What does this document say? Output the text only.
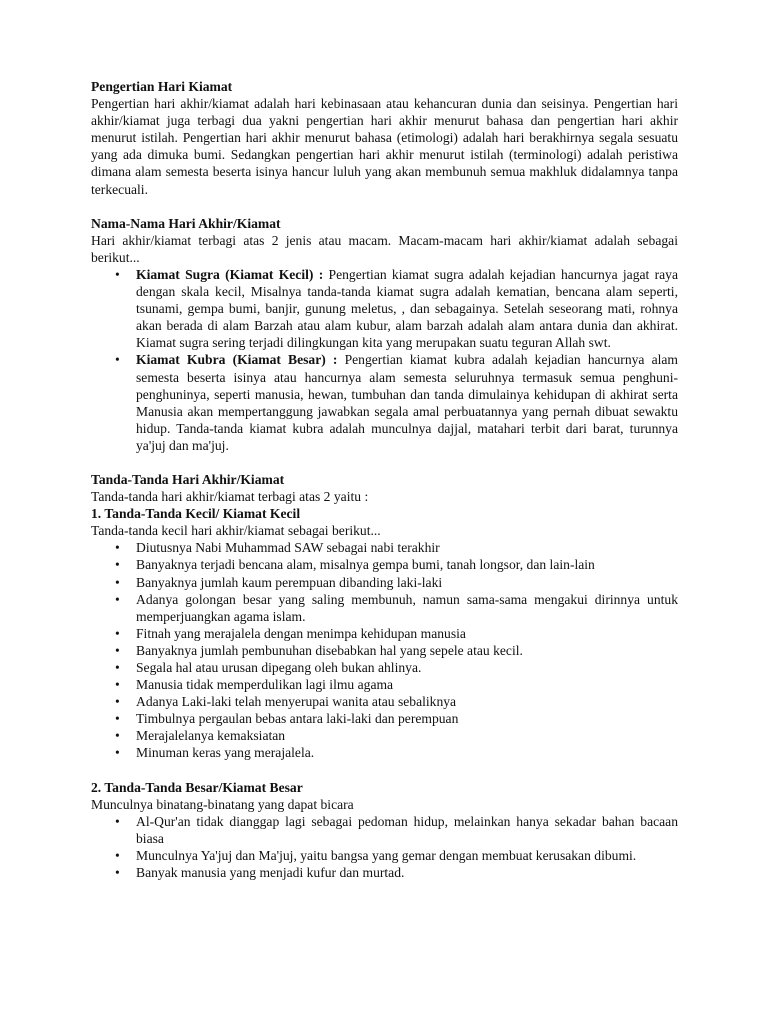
Pengertian Hari Kiamat

Pengertian hari akhir/kiamat adalah hari kebinasaan atau kehancuran dunia dan seisinya. Pengertian hari akhir/kiamat juga terbagi dua yakni pengertian hari akhir menurut bahasa dan pengertian hari akhir menurut istilah. Pengertian hari akhir menurut bahasa (etimologi) adalah hari berakhirnya segala sesuatu yang ada dimuka bumi. Sedangkan pengertian hari akhir menurut istilah (terminologi) adalah peristiwa dimana alam semesta beserta isinya hancur luluh yang akan membunuh semua makhluk didalamnya tanpa terkecuali.

Nama-Nama Hari Akhir/Kiamat

Hari akhir/kiamat terbagi atas 2 jenis atau macam. Macam-macam hari akhir/kiamat adalah sebagai berikut...

• Kiamat Sugra (Kiamat Kecil) : Pengertian kiamat sugra adalah kejadian hancurnya jagat raya dengan skala kecil, Misalnya tanda-tanda kiamat sugra adalah kematian, bencana alam seperti, tsunami, gempa bumi, banjir, gunung meletus, , dan sebagainya. Setelah seseorang mati, rohnya akan berada di alam Barzah atau alam kubur, alam barzah adalah alam antara dunia dan akhirat. Kiamat sugra sering terjadi dilingkungan kita yang merupakan suatu teguran Allah swt.
• Kiamat Kubra (Kiamat Besar) : Pengertian kiamat kubra adalah kejadian hancurnya alam semesta beserta isinya atau hancurnya alam semesta seluruhnya termasuk semua penghuni-penghuninya, seperti manusia, hewan, tumbuhan dan tanda dimulainya kehidupan di akhirat serta Manusia akan mempertanggung jawabkan segala amal perbuatannya yang pernah dibuat sewaktu hidup. Tanda-tanda kiamat kubra adalah munculnya dajjal, matahari terbit dari barat, turunnya ya'juj dan ma'juj.

Tanda-Tanda Hari Akhir/Kiamat

Tanda-tanda hari akhir/kiamat terbagi atas 2 yaitu :

1. Tanda-Tanda Kecil/ Kiamat Kecil

Tanda-tanda kecil hari akhir/kiamat sebagai berikut...

• Diutusnya Nabi Muhammad SAW sebagai nabi terakhir
• Banyaknya terjadi bencana alam, misalnya gempa bumi, tanah longsor, dan lain-lain
• Banyaknya jumlah kaum perempuan dibanding laki-laki
• Adanya golongan besar yang saling membunuh, namun sama-sama mengakui dirinnya untuk memperjuangkan agama islam.
• Fitnah yang merajalela dengan menimpa kehidupan manusia
• Banyaknya jumlah pembunuhan disebabkan hal yang sepele atau kecil.
• Segala hal atau urusan dipegang oleh bukan ahlinya.
• Manusia tidak memperdulikan lagi ilmu agama
• Adanya Laki-laki telah menyerupai wanita atau sebaliknya
• Timbulnya pergaulan bebas antara laki-laki dan perempuan
• Merajalelanya kemaksiatan
• Minuman keras yang merajalela.

2. Tanda-Tanda Besar/Kiamat Besar

Munculnya binatang-binatang yang dapat bicara

• Al-Qur'an tidak dianggap lagi sebagai pedoman hidup, melainkan hanya sekadar bahan bacaan biasa
• Munculnya Ya'juj dan Ma'juj, yaitu bangsa yang gemar dengan membuat kerusakan dibumi.
• Banyak manusia yang menjadi kufur dan murtad.
